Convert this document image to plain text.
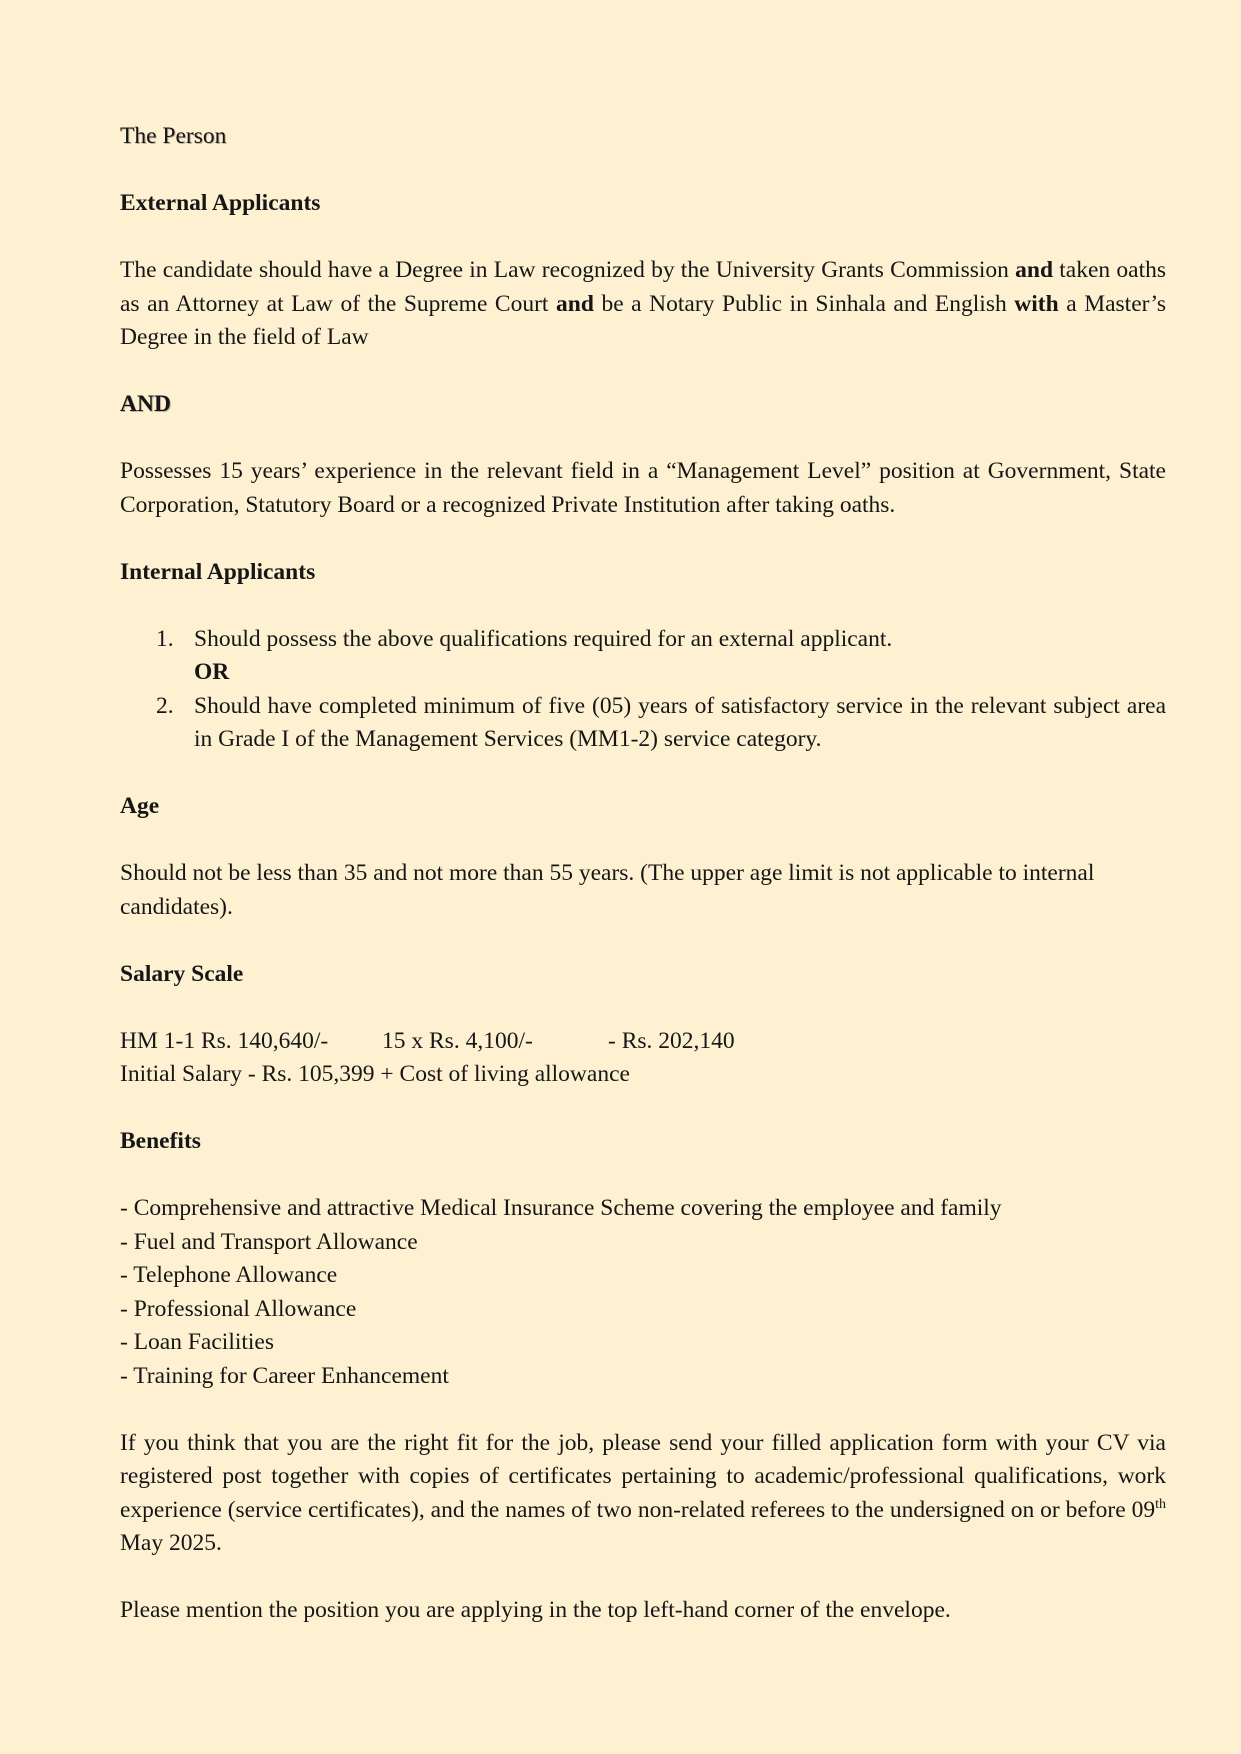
The Person

External Applicants

The candidate should have a Degree in Law recognized by the University Grants Commission and taken oaths as an Attorney at Law of the Supreme Court and be a Notary Public in Sinhala and English with a Master’s Degree in the field of Law

AND

Possesses 15 years’ experience in the relevant field in a “Management Level” position at Government, State Corporation, Statutory Board or a recognized Private Institution after taking oaths.

Internal Applicants

1. Should possess the above qualifications required for an external applicant.

OR

2. Should have completed minimum of five (05) years of satisfactory service in the relevant subject area in Grade I of the Management Services (MM1-2) service category.

Age

Should not be less than 35 and not more than 55 years. (The upper age limit is not applicable to internal candidates).

Salary Scale

HM 1-1 Rs. 140,640/- 15 x Rs. 4,100/-	- Rs. 202,140

Initial Salary - Rs. 105,399 + Cost of living allowance

Benefits

- Comprehensive and attractive Medical Insurance Scheme covering the employee and family

- Fuel and Transport Allowance

- Telephone Allowance

- Professional Allowance

- Loan Facilities

- Training for Career Enhancement

If you think that you are the right fit for the job, please send your filled application form with your CV via registered post together with copies of certificates pertaining to academic/professional qualifications, work experience (service certificates), and the names of two non-related referees to the undersigned on or before 09th May 2025.

Please mention the position you are applying in the top left-hand corner of the envelope.
